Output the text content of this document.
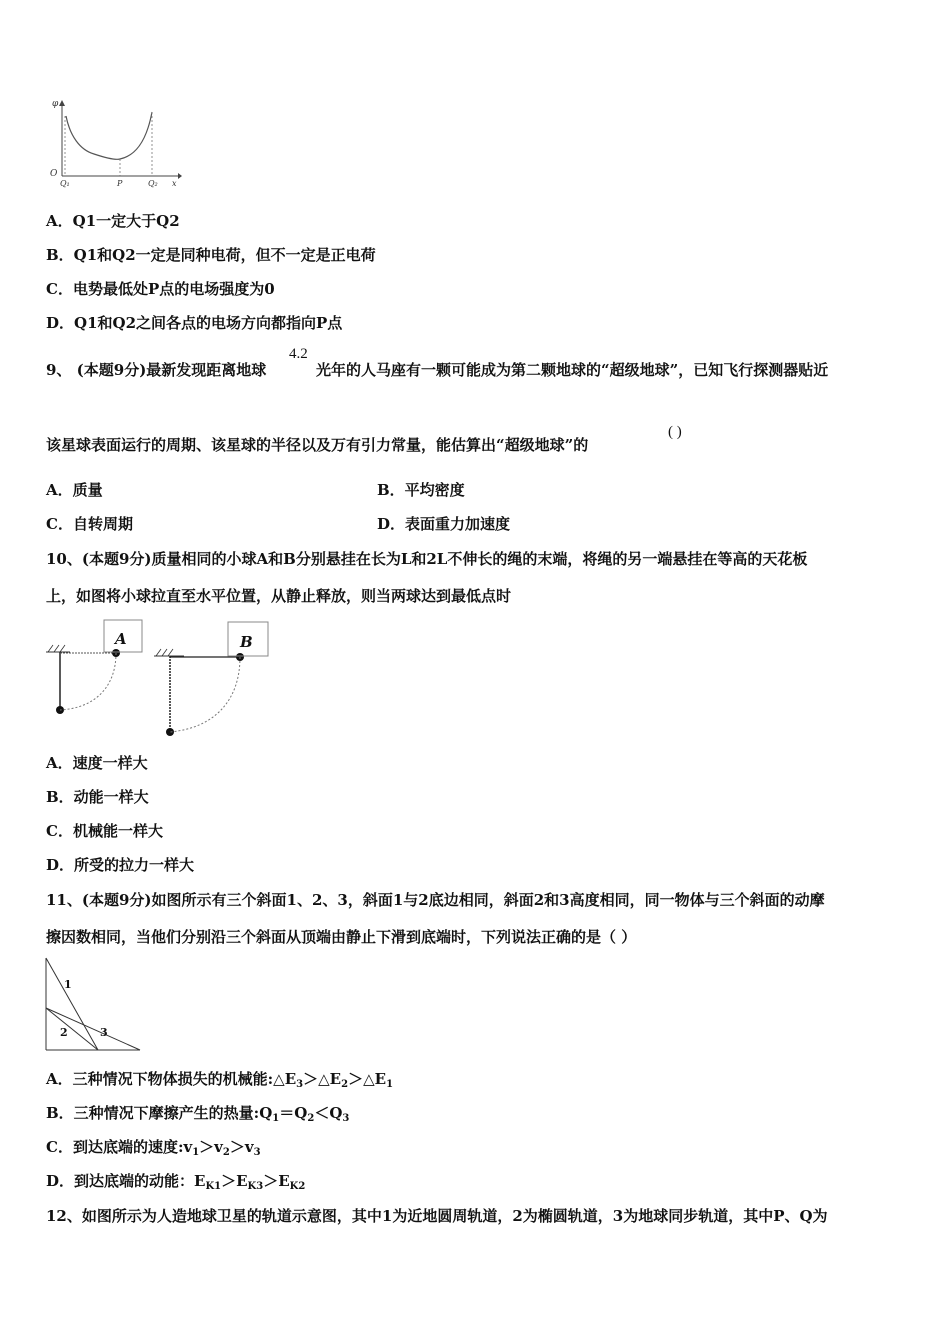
φ
O
Q₁	P	Q₂ x
A．Q1一定大于Q2
B．Q1和Q2一定是同种电荷，但不一定是正电荷
C．电势最低处P点的电场强度为0
D．Q1和Q2之间各点的电场方向都指向P点
9、 (本题9分)最新发现距离地球
4.2
光年的人马座有一颗可能成为第二颗地球的“超级地球”，已知飞行探测器贴近
该星球表面运行的周期、该星球的半径以及万有引力常量，能估算出“超级地球”的
( )
A．质量	B．平均密度
C．自转周期	D．表面重力加速度
10、(本题9分)质量相同的小球A和B分别悬挂在长为L和2L不伸长的绳的末端，将绳的另一端悬挂在等高的天花板
上，如图将小球拉直至水平位置，从静止释放，则当两球达到最低点时
A	B
A．速度一样大
B．动能一样大
C．机械能一样大
D．所受的拉力一样大
11、(本题9分)如图所示有三个斜面1、2、3，斜面1与2底边相同，斜面2和3高度相同，同一物体与三个斜面的动摩
擦因数相同，当他们分别沿三个斜面从顶端由静止下滑到底端时，下列说法正确的是（ ）
1
2	3
A．三种情况下物体损失的机械能$:\triangle E_3>\triangle E_2>\triangle E_1$
B．三种情况下摩擦产生的热量$:Q_1=Q_2<Q_3$
C．到达底端的速度$:v_1>v_2>v_3$
D．到达底端的动能：$E_{K1}>E_{K3}>E_{K2}$
12、如图所示为人造地球卫星的轨道示意图，其中1为近地圆周轨道，2为椭圆轨道，3为地球同步轨道，其中P、Q为
